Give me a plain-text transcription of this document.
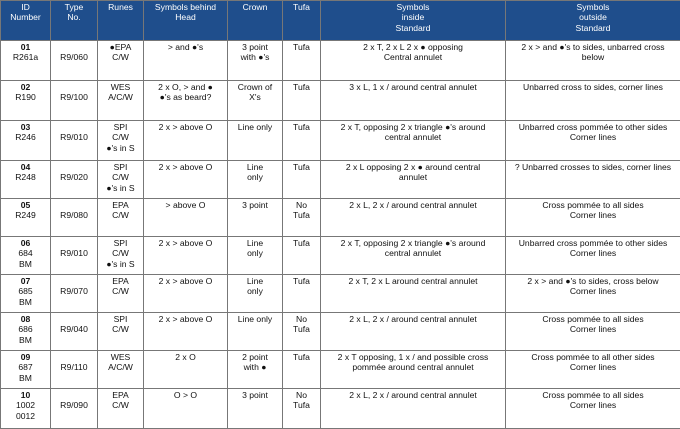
ID
Number	Type
No.	Runes	Symbols behind
Head	Crown	Tufa	Symbols
inside
Standard	Symbols
outside
Standard

01
R261a	R9/060	●EPA
C/W	> and ●'s	3 point
with ●'s	Tufa	2 x T, 2 x L 2 x ● opposing
Central annulet	2 x > and ●'s to sides, unbarred cross
below

02
R190	R9/100	WES
A/C/W	2 x O, > and ●
●'s as beard?	Crown of
X's	Tufa	3 x L, 1 x / around central annulet	Unbarred cross to sides, corner lines

03
R246	R9/010	SPI
C/W
●'s in S	2 x > above O	Line only	Tufa	2 x T, opposing 2 x triangle ●'s around
central annulet	Unbarred cross pommée to other sides
Corner lines

04
R248	R9/020	SPI
C/W
●'s in S	2 x > above O	Line
only	Tufa	2 x L opposing 2 x ● around central
annulet	? Unbarred crosses to sides, corner lines

05
R249	R9/080	EPA
C/W	> above O	3 point	No
Tufa	2 x L, 2 x / around central annulet	Cross pommée to all sides
Corner lines

06
684
BM	R9/010	SPI
C/W
●'s in S	2 x > above O	Line
only	Tufa	2 x T, opposing 2 x triangle ●'s around
central annulet	Unbarred cross pommée to other sides
Corner lines

07
685
BM	R9/070	EPA
C/W	2 x > above O	Line
only	Tufa	2 x T, 2 x L around central annulet	2 x > and ●'s to sides, cross below
Corner lines

08
686
BM	R9/040	SPI
C/W	2 x > above O	Line only	No
Tufa	2 x L, 2 x / around central annulet	Cross pommée to all sides
Corner lines

09
687
BM	R9/110	WES
A/C/W	2 x O	2 point
with ●	Tufa	2 x T opposing, 1 x / and possible cross
pommée around central annulet	Cross pommée to all other sides
Corner lines

10
1002
0012	R9/090	EPA
C/W	O > O	3 point	No
Tufa	2 x L, 2 x / around central annulet	Cross pommée to all sides
Corner lines
